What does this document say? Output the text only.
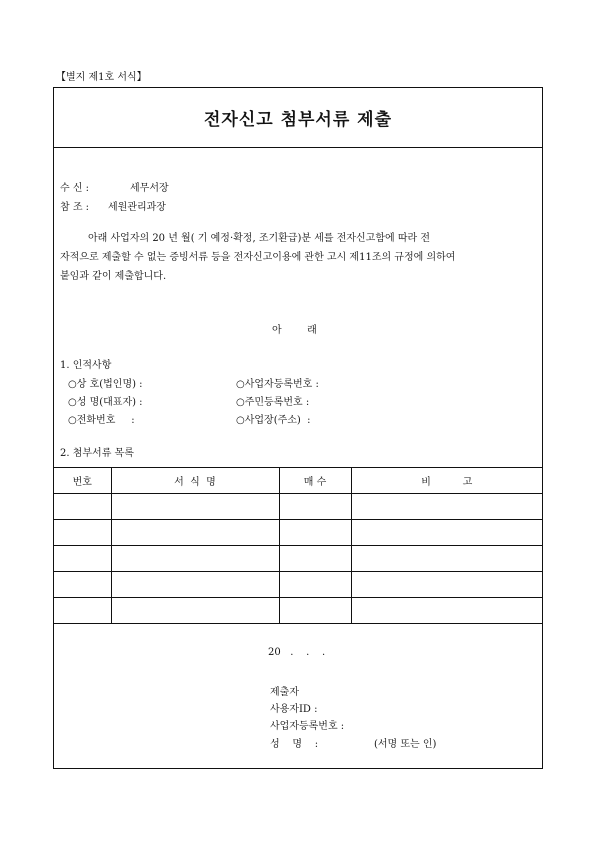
【별지 제1호 서식】
전자신고 첨부서류 제출
수 신 :	세무서장
참 조 : 세원관리과장
아래 사업자의 20 년 월( 기 예정·확정, 조기환급)분 세를 전자신고함에 따라 전
자적으로 제출할 수 없는 증빙서류 등을 전자신고이용에 관한 고시 제11조의 규정에 의하여
붙임과 같이 제출합니다.
아        래
1. 인적사항
○상 호(법인명) :	○사업자등록번호 :
○성 명(대표자) :	○주민등록번호 :
○전화번호     :	○사업장(주소)  :
2. 첨부서류 목록
번호	서  식  명	매 수	비          고

20   .    .    .
제출자
사용자ID :
사업자등록번호 :
성    명    :	(서명 또는 인)
